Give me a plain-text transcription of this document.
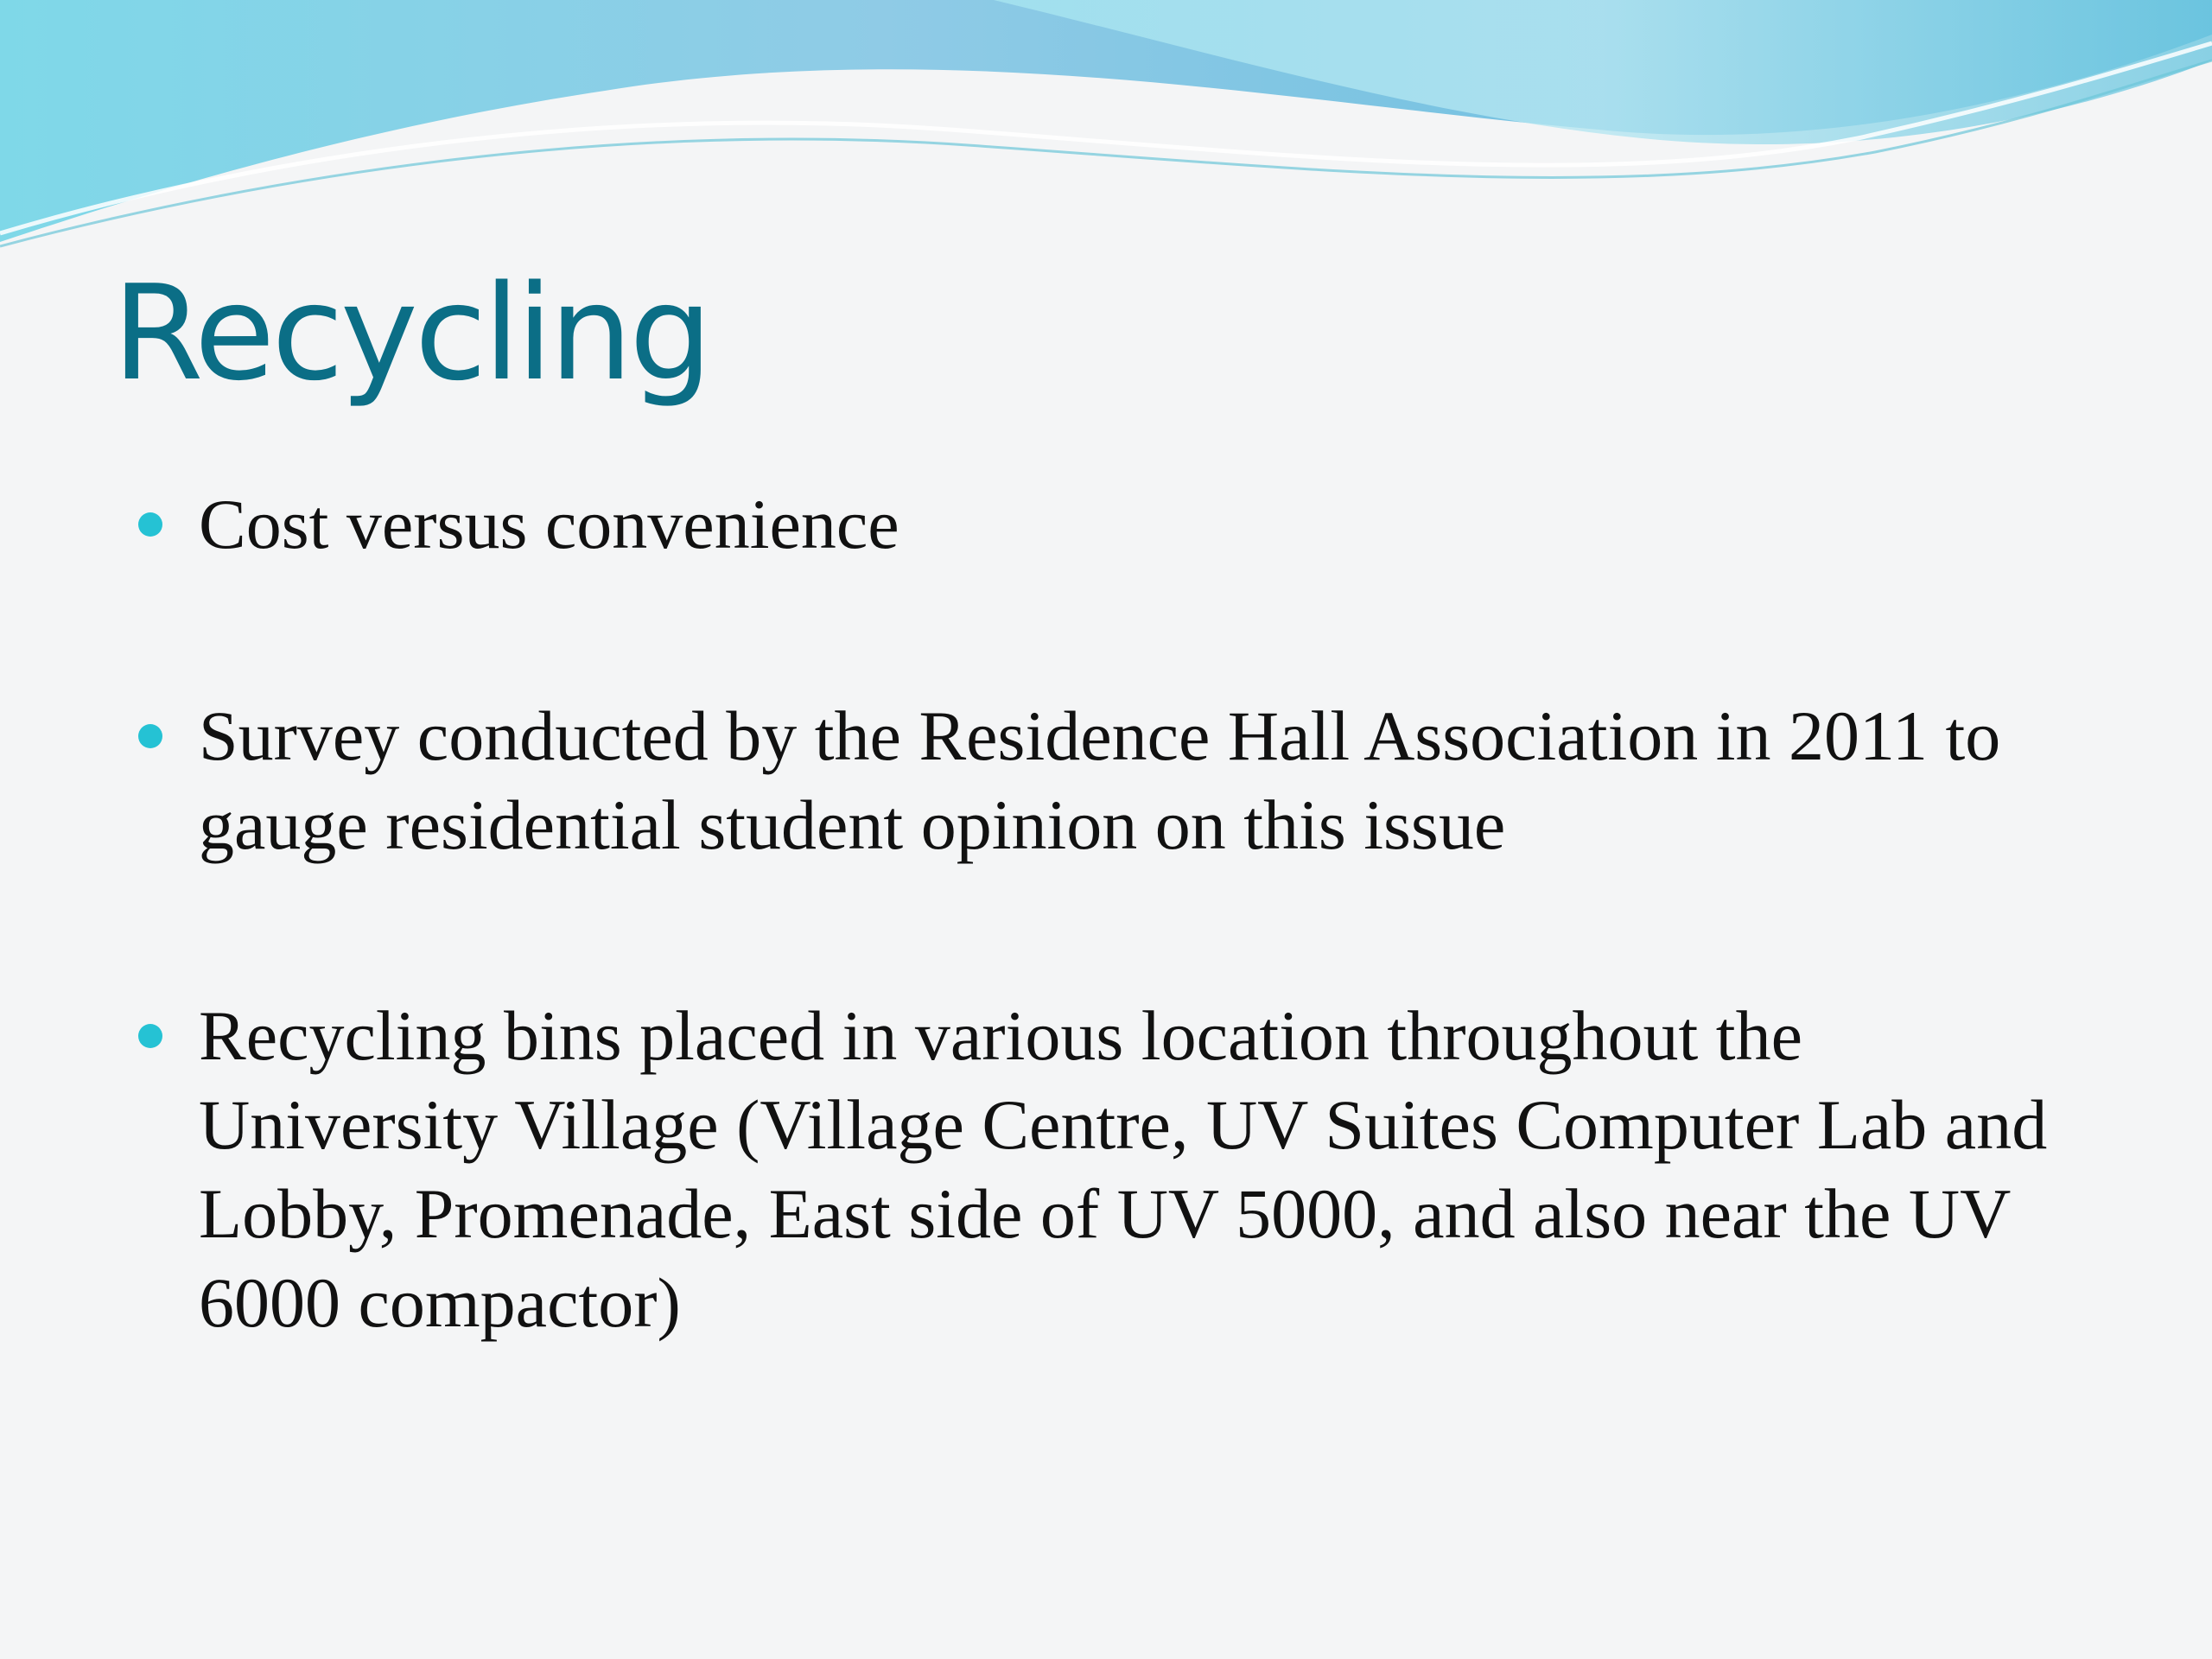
Recycling
Cost versus convenience
Survey conducted by the Residence Hall Association in 2011 to gauge residential student opinion on this issue
Recycling bins placed in various location throughout the University Village (Village Centre, UV Suites Computer Lab and Lobby, Promenade, East side of UV 5000, and also near the UV 6000 compactor)
